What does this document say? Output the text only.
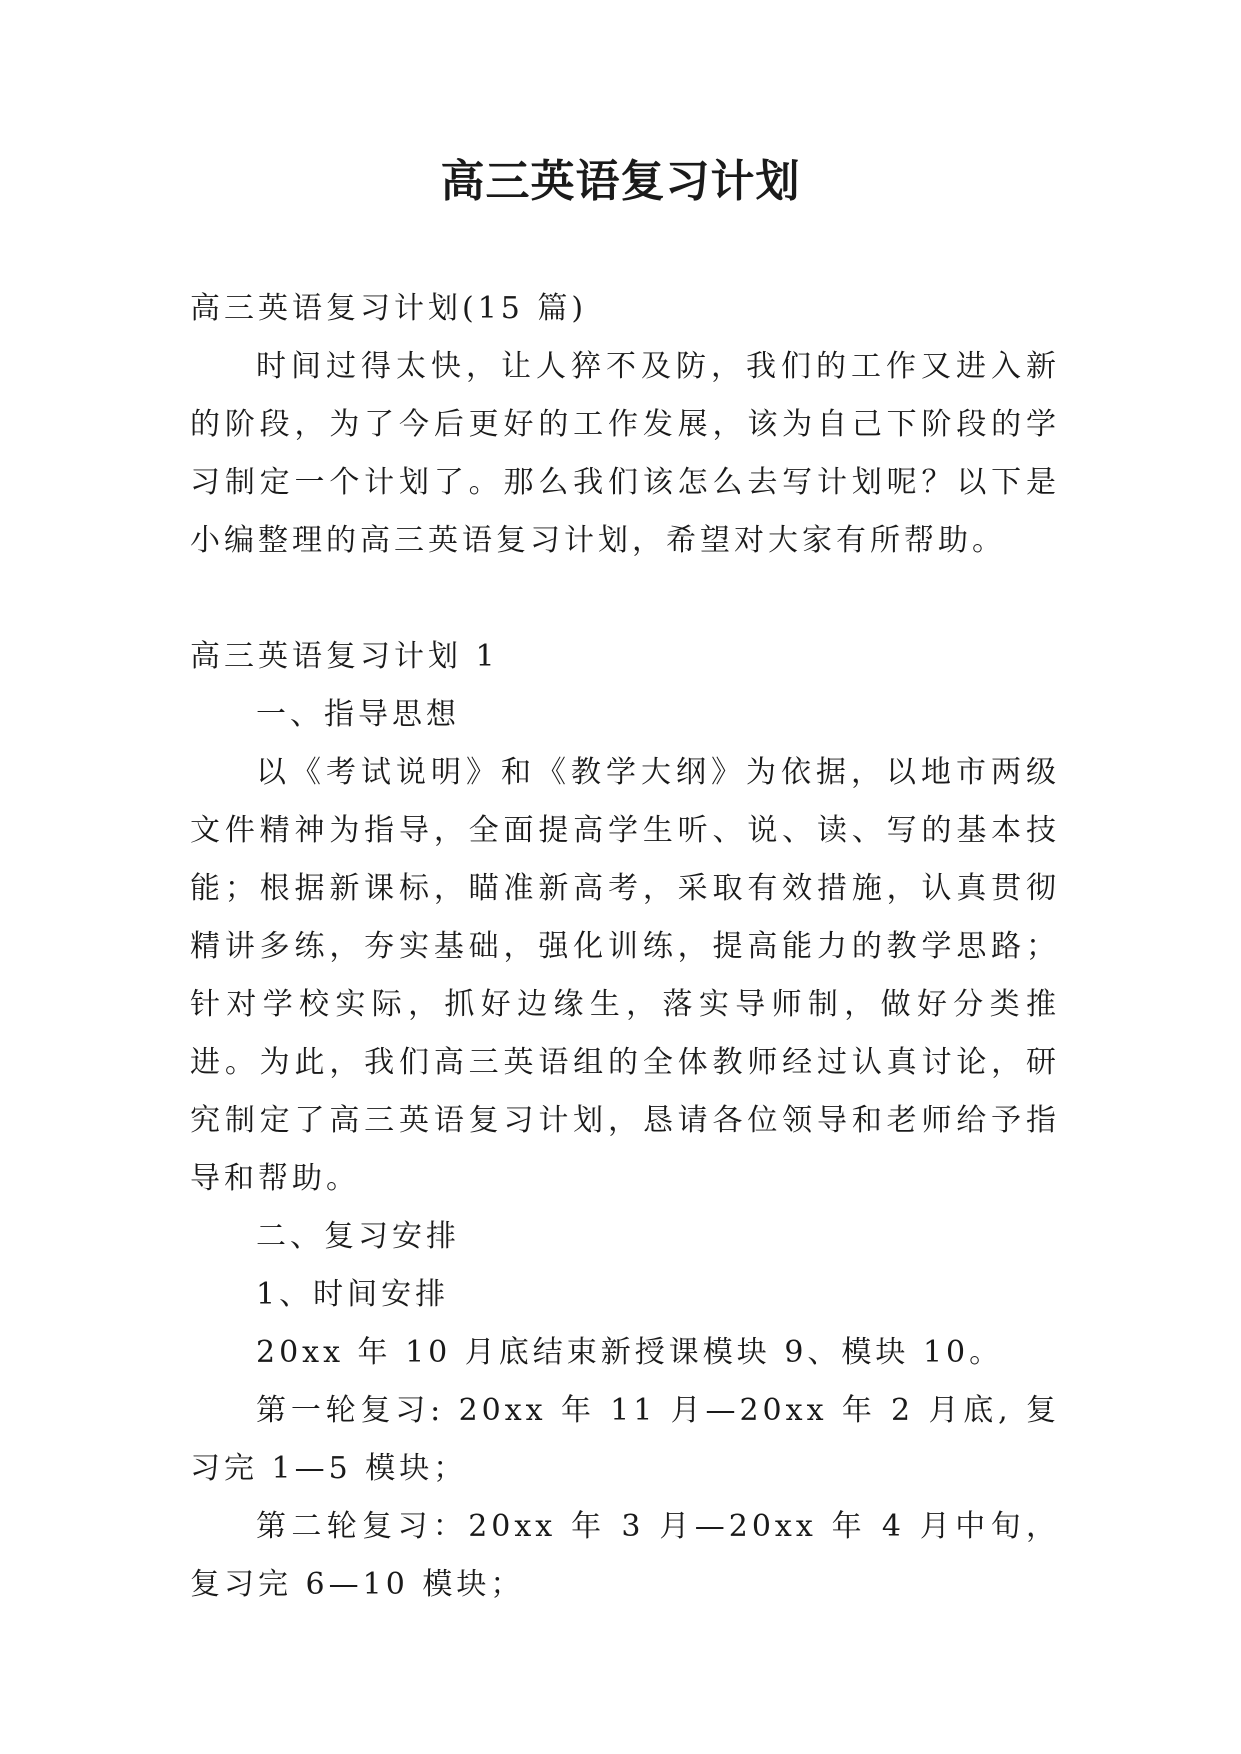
高三英语复习计划

高三英语复习计划(15 篇)

时间过得太快，让人猝不及防，我们的工作又进入新的阶段，为了今后更好的工作发展，该为自己下阶段的学习制定一个计划了。那么我们该怎么去写计划呢？以下是小编整理的高三英语复习计划，希望对大家有所帮助。

高三英语复习计划 1

一、指导思想

以《考试说明》和《教学大纲》为依据，以地市两级文件精神为指导，全面提高学生听、说、读、写的基本技能；根据新课标，瞄准新高考，采取有效措施，认真贯彻精讲多练，夯实基础，强化训练，提高能力的教学思路；针对学校实际，抓好边缘生，落实导师制，做好分类推进。为此，我们高三英语组的全体教师经过认真讨论，研究制定了高三英语复习计划，恳请各位领导和老师给予指导和帮助。

二、复习安排

1、时间安排

20xx 年 10 月底结束新授课模块 9、模块 10。

第一轮复习: 20xx 年 11 月—20xx 年 2 月底, 复习完 1—5 模块；

第二轮复习：20xx 年 3 月—20xx 年 4 月中旬，复习完 6—10 模块；
